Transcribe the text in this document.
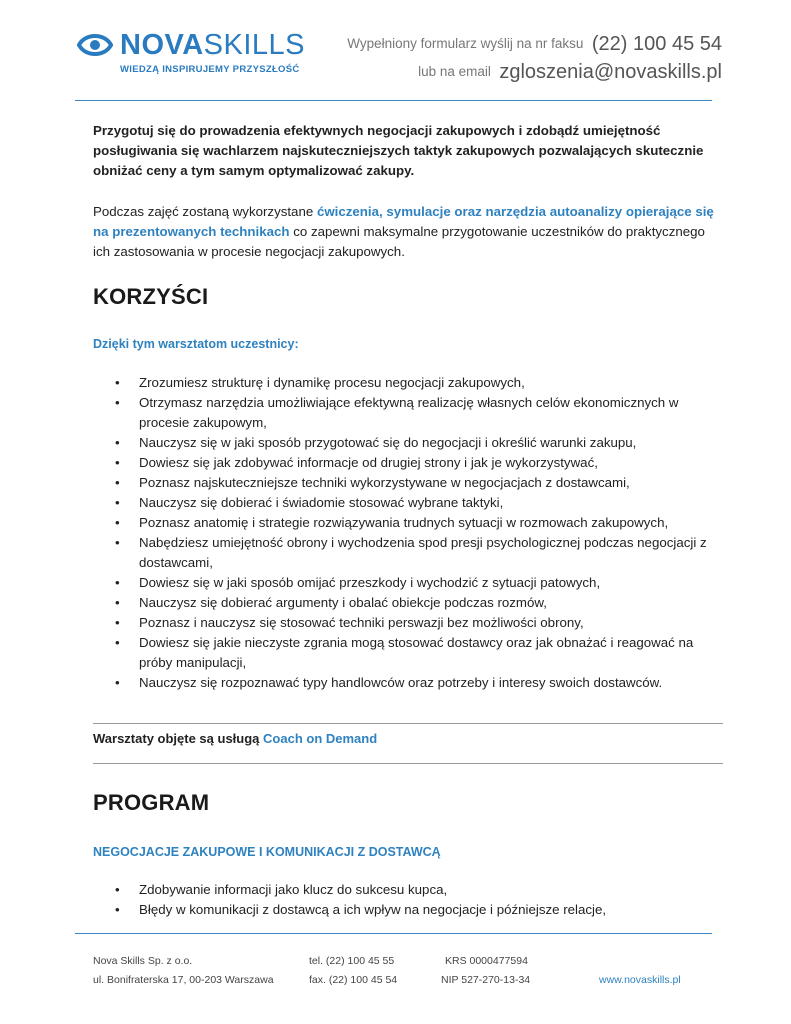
NOVASKILLS
WIEDZĄ INSPIRUJEMY PRZYSZŁOŚĆ
Wypełniony formularz wyślij na nr faksu (22) 100 45 54
lub na email zgloszenia@novaskills.pl
Przygotuj się do prowadzenia efektywnych negocjacji zakupowych i zdobądź umiejętność posługiwania się wachlarzem najskuteczniejszych taktyk zakupowych pozwalających skutecznie obniżać ceny a tym samym optymalizować zakupy.
Podczas zajęć zostaną wykorzystane ćwiczenia, symulacje oraz narzędzia autoanalizy opierające się na prezentowanych technikach co zapewni maksymalne przygotowanie uczestników do praktycznego ich zastosowania w procesie negocjacji zakupowych.
KORZYŚCI
Dzięki tym warsztatom uczestnicy:
• Zrozumiesz strukturę i dynamikę procesu negocjacji zakupowych,
• Otrzymasz narzędzia umożliwiające efektywną realizację własnych celów ekonomicznych w procesie zakupowym,
• Nauczysz się w jaki sposób przygotować się do negocjacji i określić warunki zakupu,
• Dowiesz się jak zdobywać informacje od drugiej strony i jak je wykorzystywać,
• Poznasz najskuteczniejsze techniki wykorzystywane w negocjacjach z dostawcami,
• Nauczysz się dobierać i świadomie stosować wybrane taktyki,
• Poznasz anatomię i strategie rozwiązywania trudnych sytuacji w rozmowach zakupowych,
• Nabędziesz umiejętność obrony i wychodzenia spod presji psychologicznej podczas negocjacji z dostawcami,
• Dowiesz się w jaki sposób omijać przeszkody i wychodzić z sytuacji patowych,
• Nauczysz się dobierać argumenty i obalać obiekcje podczas rozmów,
• Poznasz i nauczysz się stosować techniki perswazji bez możliwości obrony,
• Dowiesz się jakie nieczyste zgrania mogą stosować dostawcy oraz jak obnażać i reagować na próby manipulacji,
• Nauczysz się rozpoznawać typy handlowców oraz potrzeby i interesy swoich dostawców.
Warsztaty objęte są usługą Coach on Demand
PROGRAM
NEGOCJACJE ZAKUPOWE I KOMUNIKACJI Z DOSTAWCĄ
• Zdobywanie informacji jako klucz do sukcesu kupca,
• Błędy w komunikacji z dostawcą a ich wpływ na negocjacje i późniejsze relacje,
Nova Skills Sp. z o.o.
ul. Bonifraterska 17, 00-203 Warszawa
tel. (22) 100 45 55
fax. (22) 100 45 54
KRS 0000477594
NIP 527-270-13-34	www.novaskills.pl
